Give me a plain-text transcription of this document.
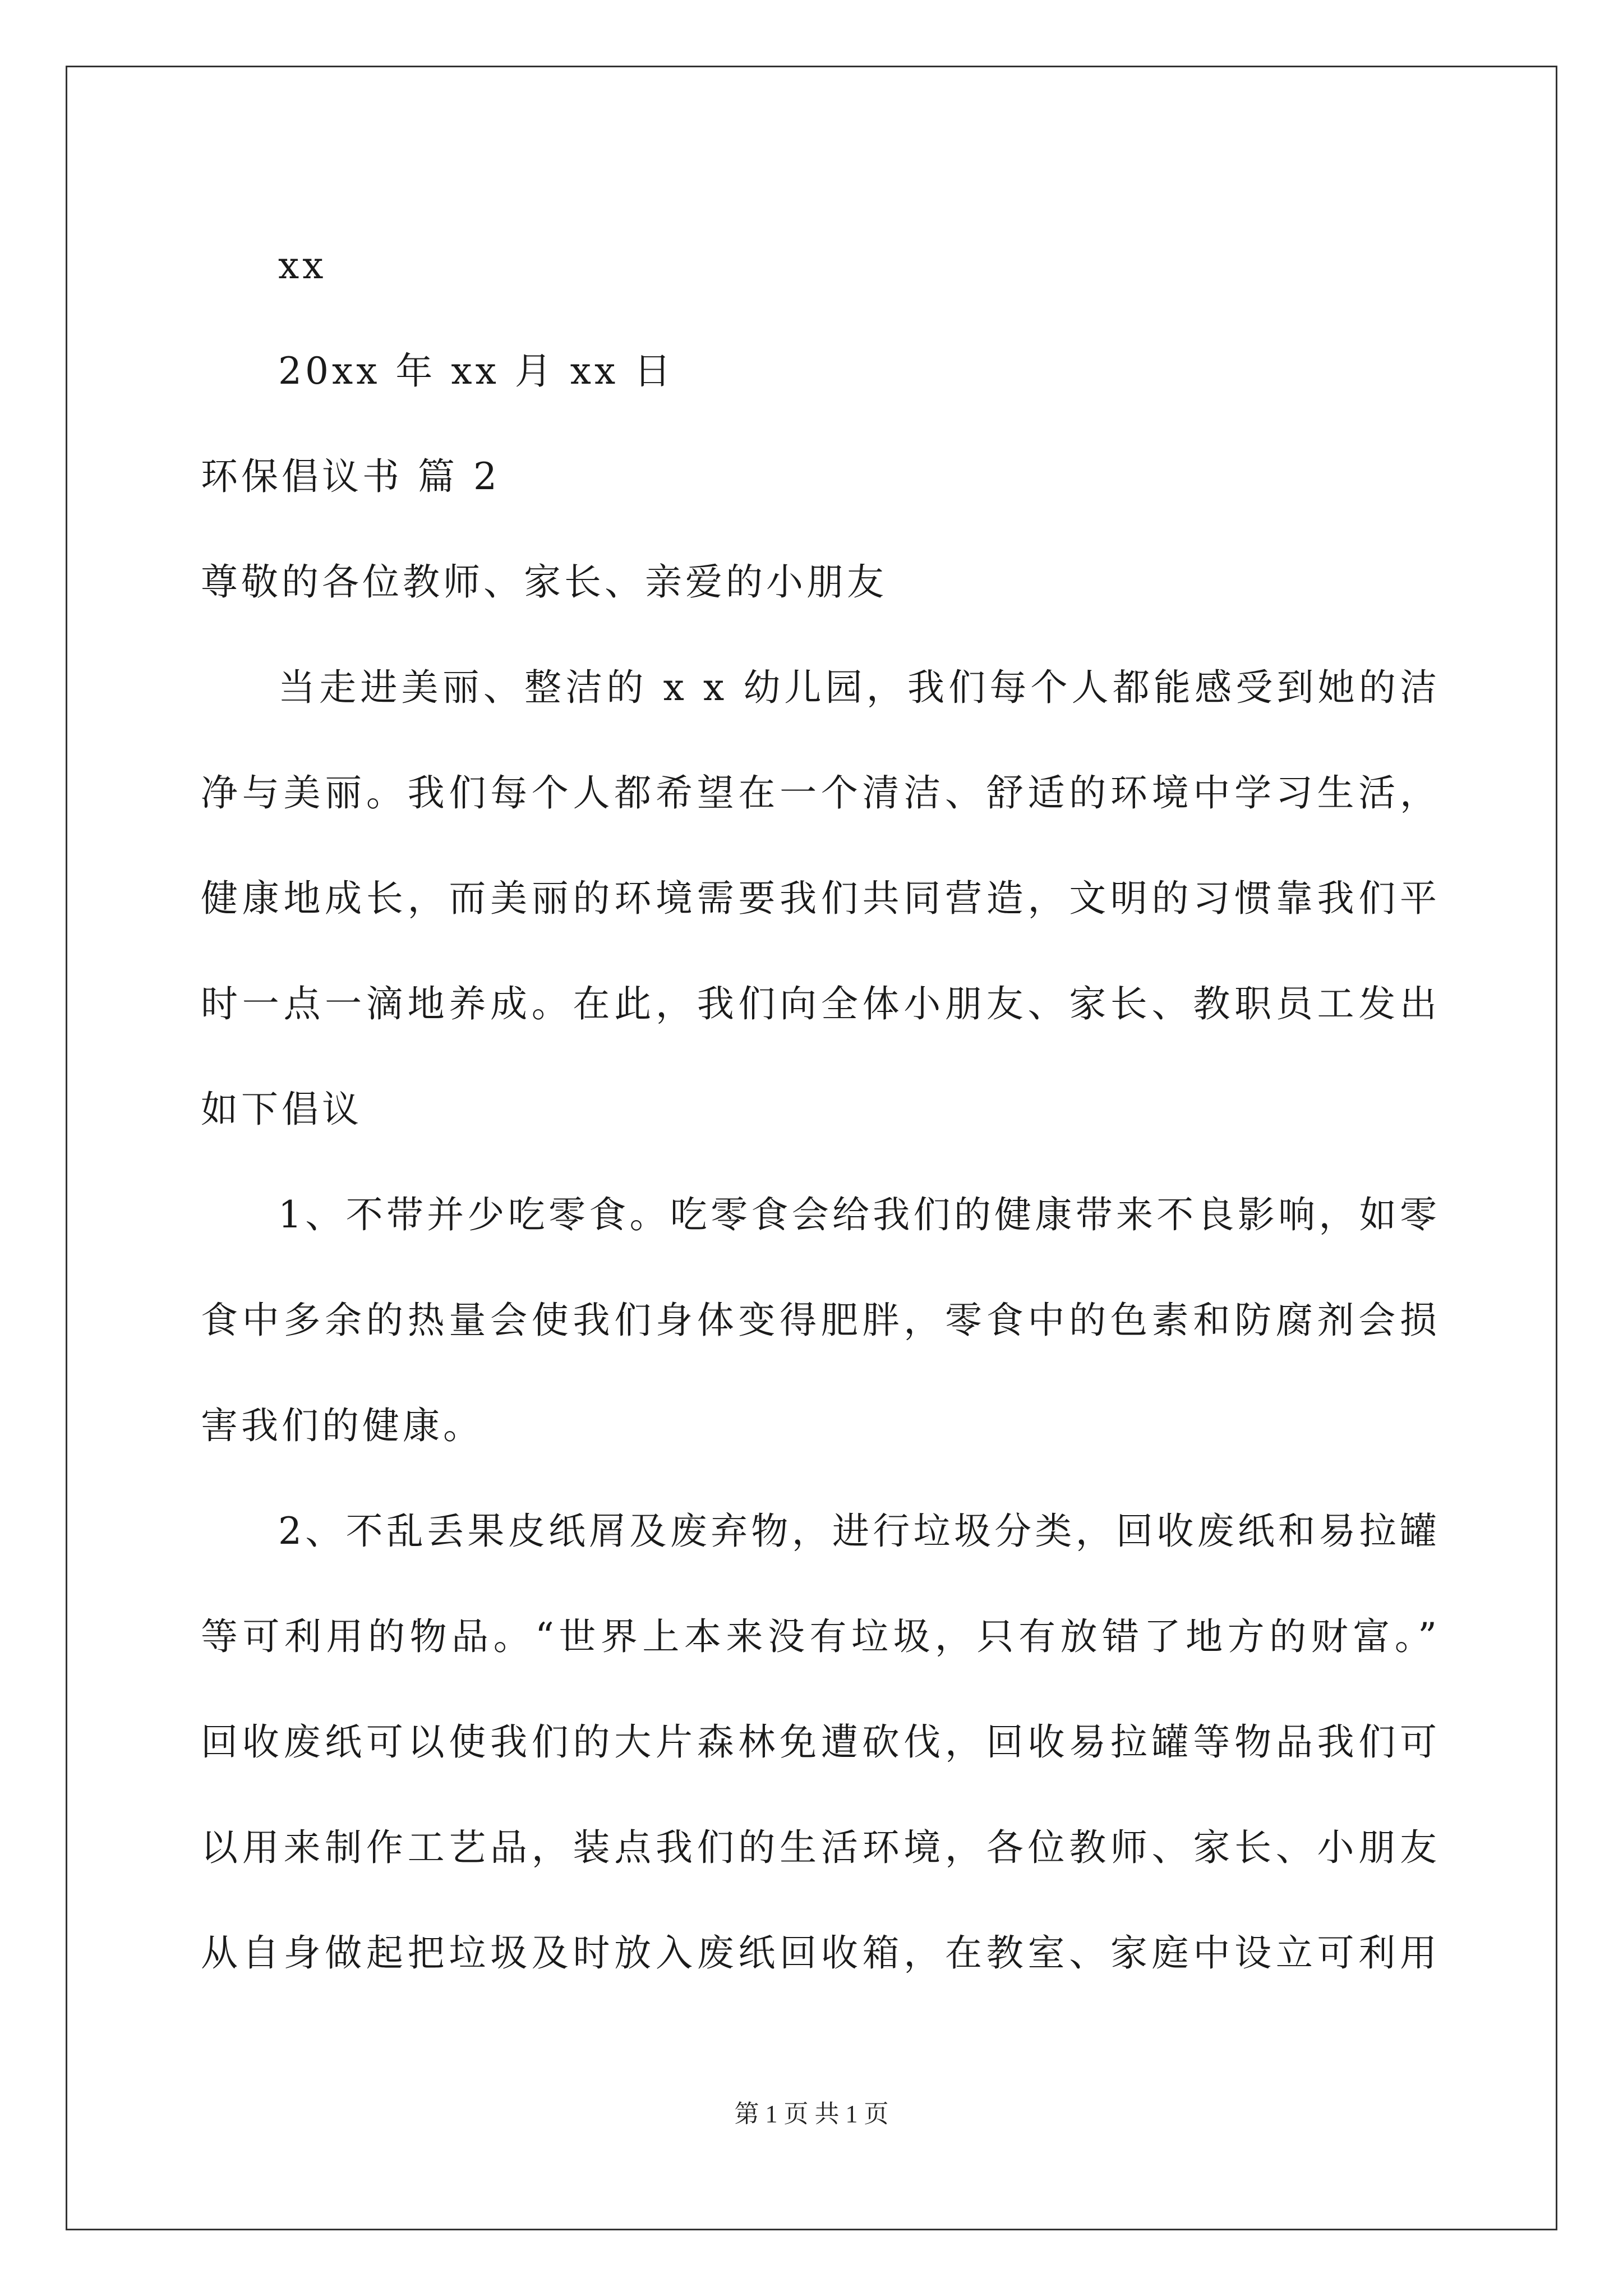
xx
20xx 年 xx 月 xx 日
环保倡议书 篇 2
尊敬的各位教师、家长、亲爱的小朋友
当走进美丽、整洁的 x x 幼儿园，我们每个人都能感受到她的洁
净与美丽。我们每个人都希望在一个清洁、舒适的环境中学习生活，
健康地成长，而美丽的环境需要我们共同营造，文明的习惯靠我们平
时一点一滴地养成。在此，我们向全体小朋友、家长、教职员工发出
如下倡议
1、不带并少吃零食。吃零食会给我们的健康带来不良影响，如零
食中多余的热量会使我们身体变得肥胖，零食中的色素和防腐剂会损
害我们的健康。
2、不乱丢果皮纸屑及废弃物，进行垃圾分类，回收废纸和易拉罐
等可利用的物品。“世界上本来没有垃圾，只有放错了地方的财富。”
回收废纸可以使我们的大片森林免遭砍伐，回收易拉罐等物品我们可
以用来制作工艺品，装点我们的生活环境，各位教师、家长、小朋友
从自身做起把垃圾及时放入废纸回收箱，在教室、家庭中设立可利用
第 1 页 共 1 页
